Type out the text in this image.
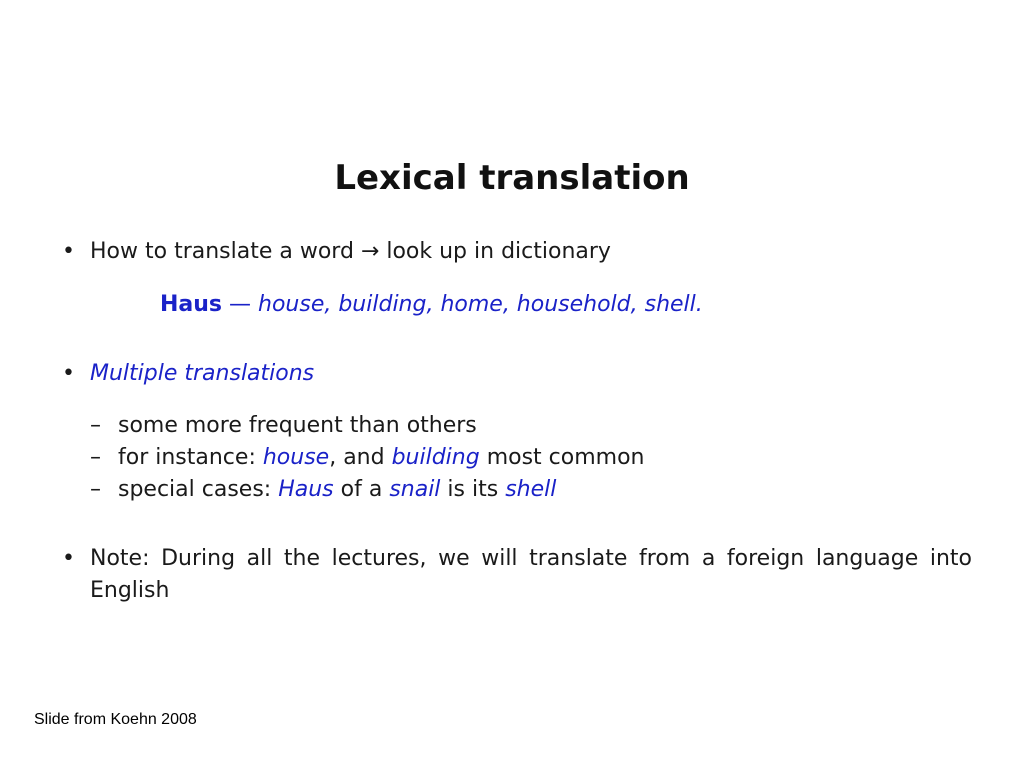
Lexical translation
• How to translate a word → look up in dictionary
Haus — house, building, home, household, shell.
• Multiple translations
– some more frequent than others
– for instance: house, and building most common
– special cases: Haus of a snail is its shell
• Note: During all the lectures, we will translate from a foreign language into English
Slide from Koehn 2008
